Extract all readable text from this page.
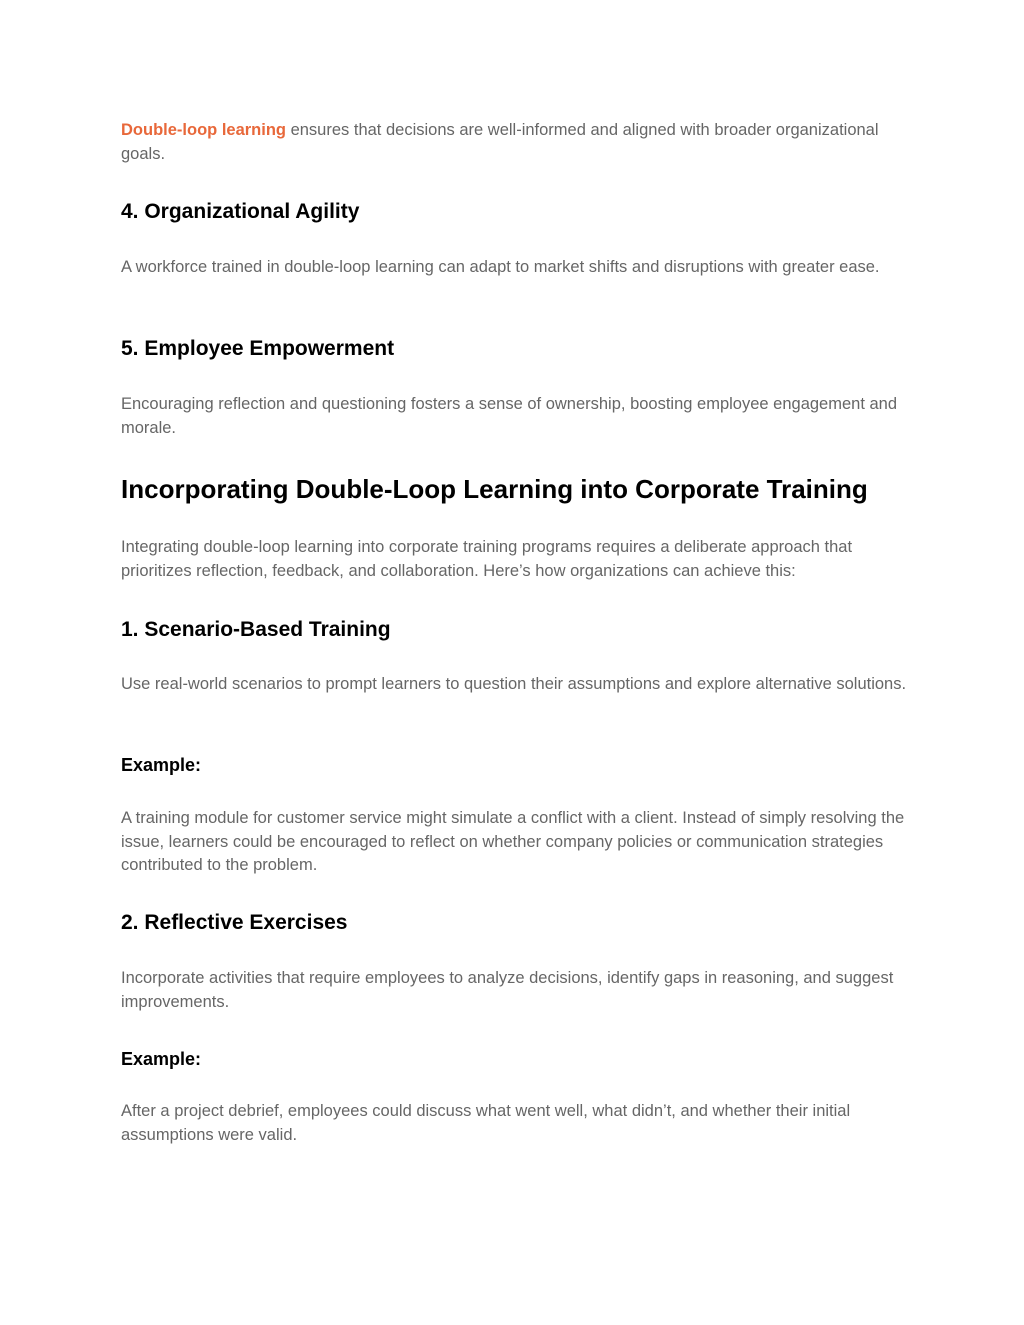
Double-loop learning ensures that decisions are well-informed and aligned with broader organizational goals.

4. Organizational Agility

A workforce trained in double-loop learning can adapt to market shifts and disruptions with greater ease.

5. Employee Empowerment

Encouraging reflection and questioning fosters a sense of ownership, boosting employee engagement and morale.

Incorporating Double-Loop Learning into Corporate Training

Integrating double-loop learning into corporate training programs requires a deliberate approach that prioritizes reflection, feedback, and collaboration. Here’s how organizations can achieve this:

1. Scenario-Based Training

Use real-world scenarios to prompt learners to question their assumptions and explore alternative solutions.

Example:

A training module for customer service might simulate a conflict with a client. Instead of simply resolving the issue, learners could be encouraged to reflect on whether company policies or communication strategies contributed to the problem.

2. Reflective Exercises

Incorporate activities that require employees to analyze decisions, identify gaps in reasoning, and suggest improvements.

Example:

After a project debrief, employees could discuss what went well, what didn’t, and whether their initial assumptions were valid.
